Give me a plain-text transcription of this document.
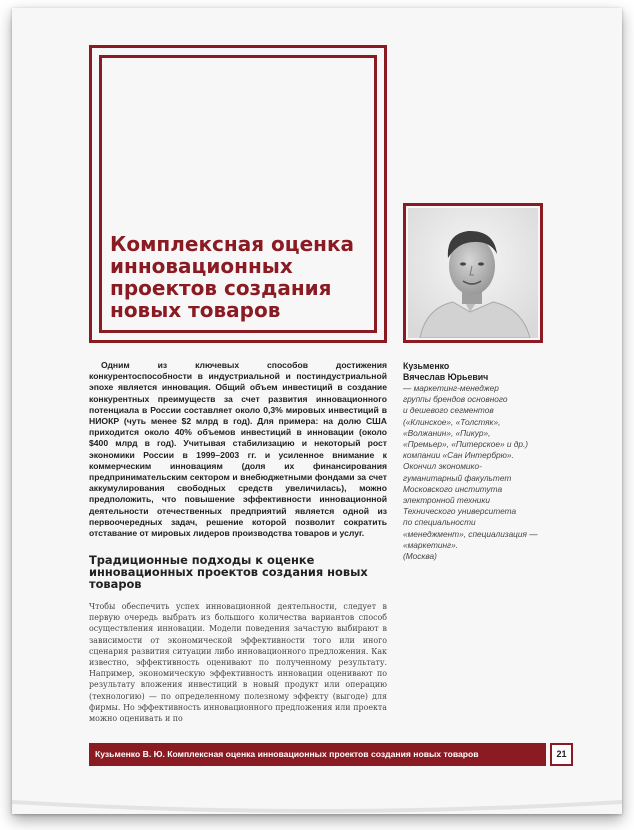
Комплексная оценка инновационных проектов создания новых товаров

Одним из ключевых способов достижения конкурентоспособности в индустриальной и постиндустриальной эпохе является инновация. Общий объем инвестиций в создание конкурентных преимуществ за счет развития инновационного потенциала в России составляет около 0,3% мировых инвестиций в НИОКР (чуть менее $2 млрд в год). Для примера: на долю США приходится около 40% объемов инвестиций в инновации (около $400 млрд в год). Учитывая стабилизацию и некоторый рост экономики России в 1999–2003 гг. и усиленное внимание к коммерческим инновациям (доля их финансирования предпринимательским сектором и внебюджетными фондами за счет аккумулирования свободных средств увеличилась), можно предположить, что повышение эффективности инновационной деятельности отечественных предприятий является одной из первоочередных задач, решение которой позволит сократить отставание от мировых лидеров производства товаров и услуг.

Кузьменко
Вячеслав Юрьевич

— маркетинг-менеджер
группы брендов основного
и дешевого сегментов
(«Клинское», «Толстяк»,
«Волжанин», «Пикур»,
«Премьер», «Питерское» и др.)
компании «Сан Интербрю».
Окончил экономико-
гуманитарный факультет
Московского института
электронной техники
Технического университета
по специальности
«менеджмент», специализация —
«маркетинг».
(Москва)

Традиционные подходы к оценке инновационных проектов создания новых товаров

Чтобы обеспечить успех инновационной деятельности, следует в первую очередь выбрать из большого количества вариантов способ осуществления инновации. Модели поведения зачастую выбирают в зависимости от экономической эффективности того или иного сценария развития ситуации либо инновационного предложения. Как известно, эффективность оценивают по полученному результату. Например, экономическую эффективность инновации оценивают по результату вложения инвестиций в новый продукт или операцию (технологию) — по определенному полезному эффекту (выгоде) для фирмы. Но эффективность инновационного предложения или проекта можно оценивать и по

Кузьменко В. Ю. Комплексная оценка инновационных проектов создания новых товаров	21
